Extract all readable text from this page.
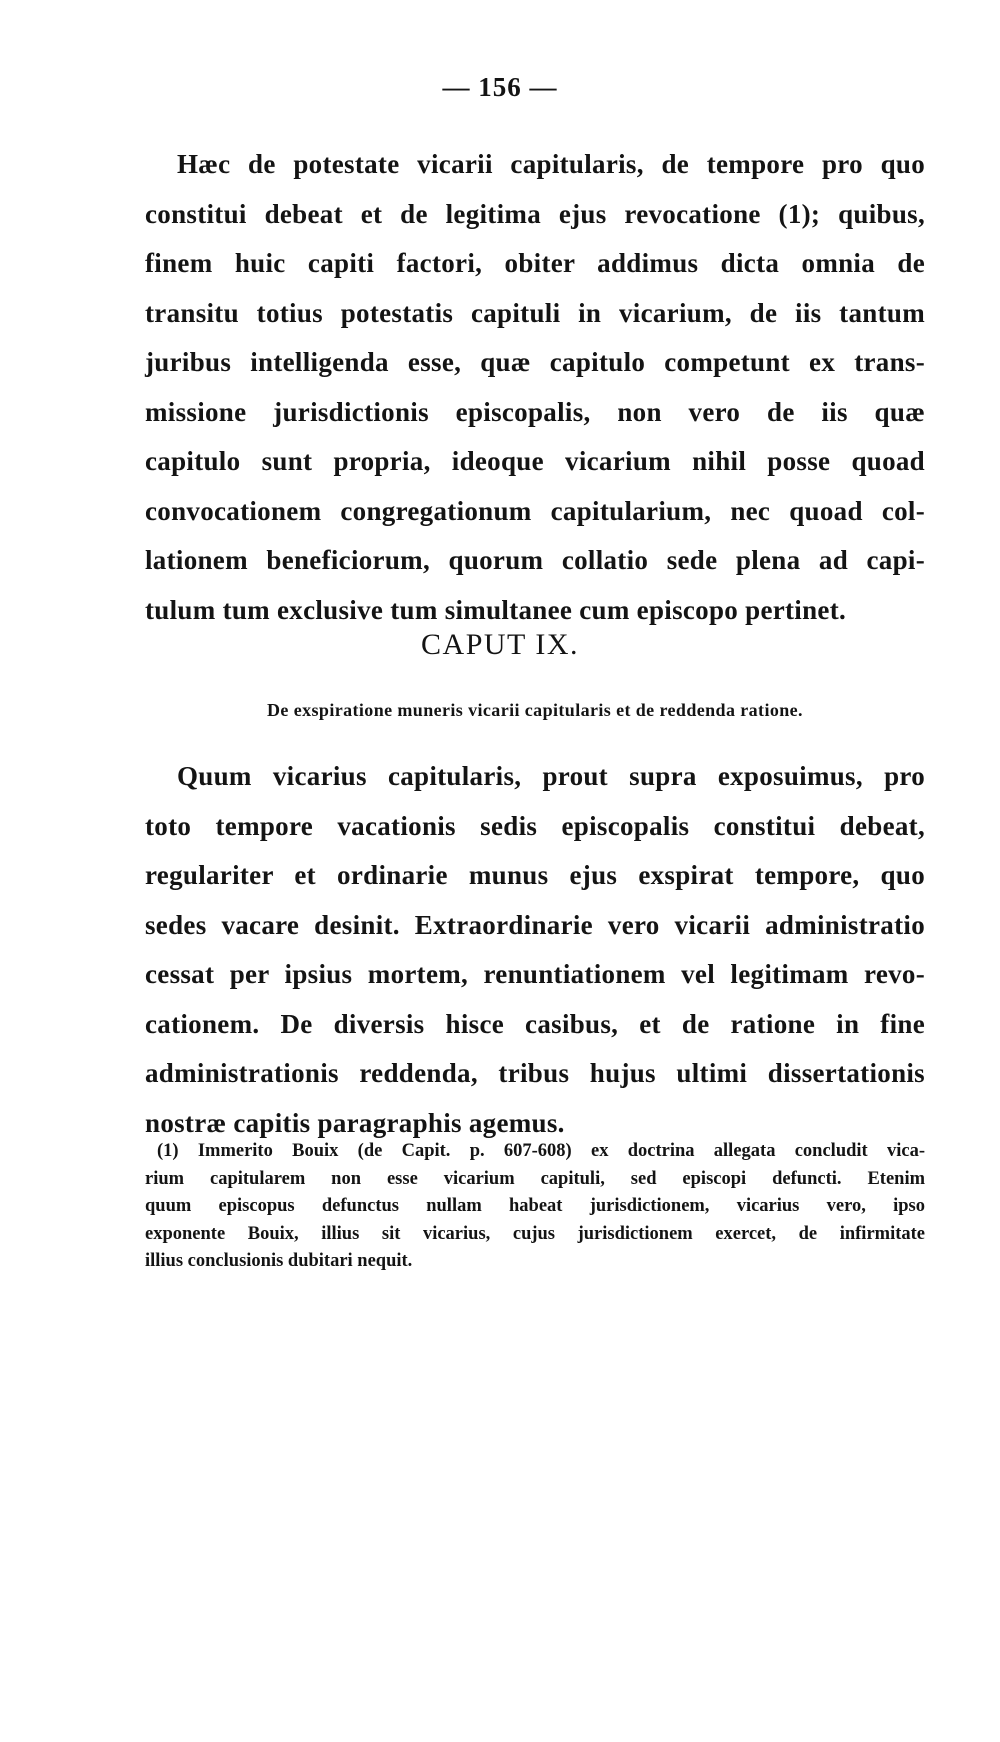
— 156 —
Hæc de potestate vicarii capitularis, de tempore pro quo
constitui debeat et de legitima ejus revocatione (1); quibus,
finem huic capiti factori, obiter addimus dicta omnia de
transitu totius potestatis capituli in vicarium, de iis tantum
juribus intelligenda esse, quæ capitulo competunt ex trans-
missione jurisdictionis episcopalis, non vero de iis quæ
capitulo sunt propria, ideoque vicarium nihil posse quoad
convocationem congregationum capitularium, nec quoad col-
lationem beneficiorum, quorum collatio sede plena ad capi-
tulum tum exclusive tum simultanee cum episcopo pertinet.
CAPUT IX.
De exspiratione muneris vicarii capitularis et de reddenda ratione.
Quum vicarius capitularis, prout supra exposuimus, pro
toto tempore vacationis sedis episcopalis constitui debeat,
regulariter et ordinarie munus ejus exspirat tempore, quo
sedes vacare desinit. Extraordinarie vero vicarii administratio
cessat per ipsius mortem, renuntiationem vel legitimam revo-
cationem. De diversis hisce casibus, et de ratione in fine
administrationis reddenda, tribus hujus ultimi dissertationis
nostræ capitis paragraphis agemus.
(1) Immerito Bouix (de Capit. p. 607-608) ex doctrina allegata concludit vica-
rium capitularem non esse vicarium capituli, sed episcopi defuncti. Etenim
quum episcopus defunctus nullam habeat jurisdictionem, vicarius vero, ipso
exponente Bouix, illius sit vicarius, cujus jurisdictionem exercet, de infirmitate
illius conclusionis dubitari nequit.
